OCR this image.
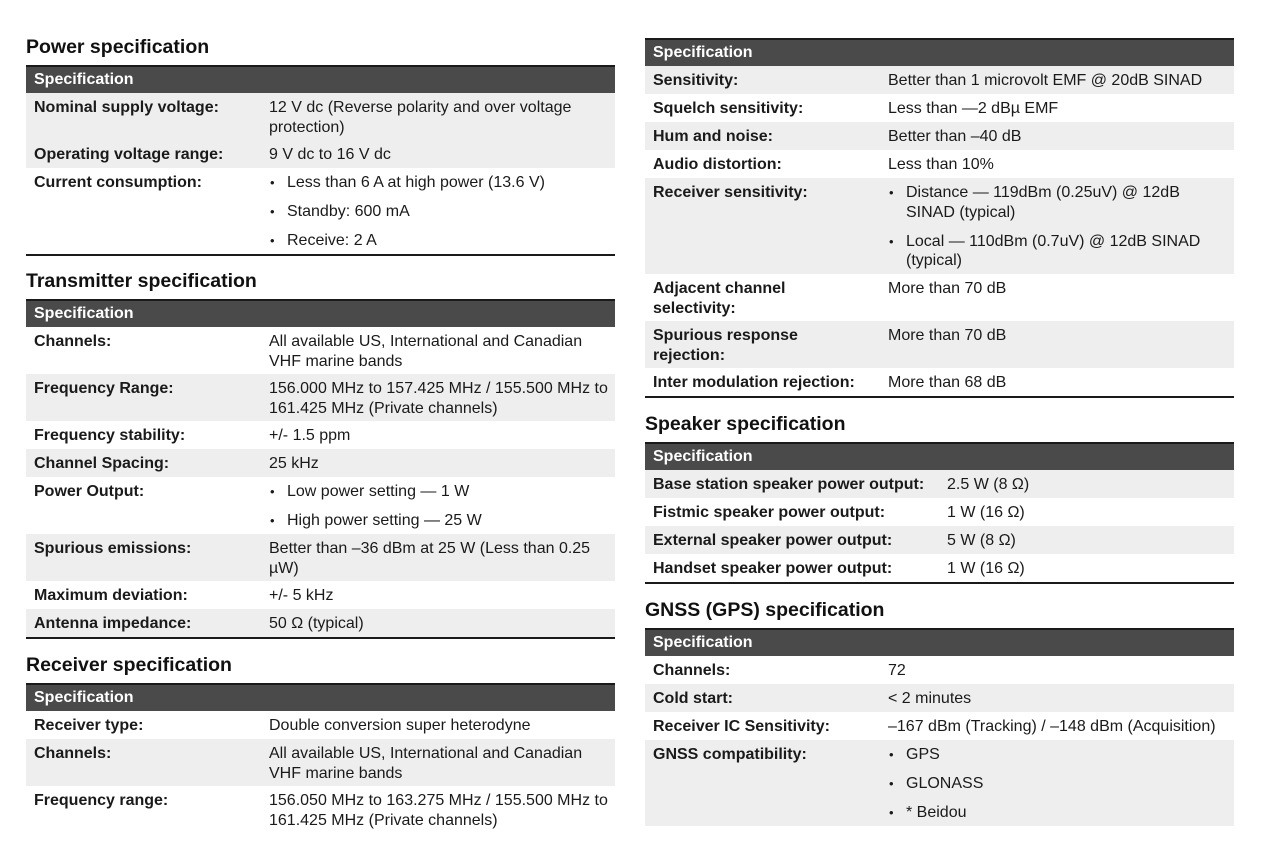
Power specification
Specification
Nominal supply voltage:	12 V dc (Reverse polarity and over voltage protection)
Operating voltage range:	9 V dc to 16 V dc
Current consumption:	• Less than 6 A at high power (13.6 V)
• Standby: 600 mA
• Receive: 2 A
Transmitter specification
Specification
Channels:	All available US, International and Canadian VHF marine bands
Frequency Range:	156.000 MHz to 157.425 MHz / 155.500 MHz to 161.425 MHz (Private channels)
Frequency stability:	+/- 1.5 ppm
Channel Spacing:	25 kHz
Power Output:	• Low power setting — 1 W
• High power setting — 25 W
Spurious emissions:	Better than –36 dBm at 25 W (Less than 0.25 µW)
Maximum deviation:	+/- 5 kHz
Antenna impedance:	50 Ω (typical)
Receiver specification
Specification
Receiver type:	Double conversion super heterodyne
Channels:	All available US, International and Canadian VHF marine bands
Frequency range:	156.050 MHz to 163.275 MHz / 155.500 MHz to 161.425 MHz (Private channels)
Specification
Sensitivity:	Better than 1 microvolt EMF @ 20dB SINAD
Squelch sensitivity:	Less than —2 dBµ EMF
Hum and noise:	Better than –40 dB
Audio distortion:	Less than 10%
Receiver sensitivity:	• Distance — 119dBm (0.25uV) @ 12dB SINAD (typical)
• Local — 110dBm (0.7uV) @ 12dB SINAD (typical)
Adjacent channel selectivity:
More than 70 dB
Spurious response rejection:
More than 70 dB
Inter modulation rejection: More than 68 dB
Speaker specification
Specification
Base station speaker power output: 2.5 W (8 Ω)
Fistmic speaker power output:	1 W (16 Ω)
External speaker power output:	5 W (8 Ω)
Handset speaker power output:	1 W (16 Ω)
GNSS (GPS) specification
Specification
Channels:	72
Cold start:	< 2 minutes
Receiver IC Sensitivity:	–167 dBm (Tracking) / –148 dBm (Acquisition)
GNSS compatibility:	• GPS
• GLONASS
• * Beidou
